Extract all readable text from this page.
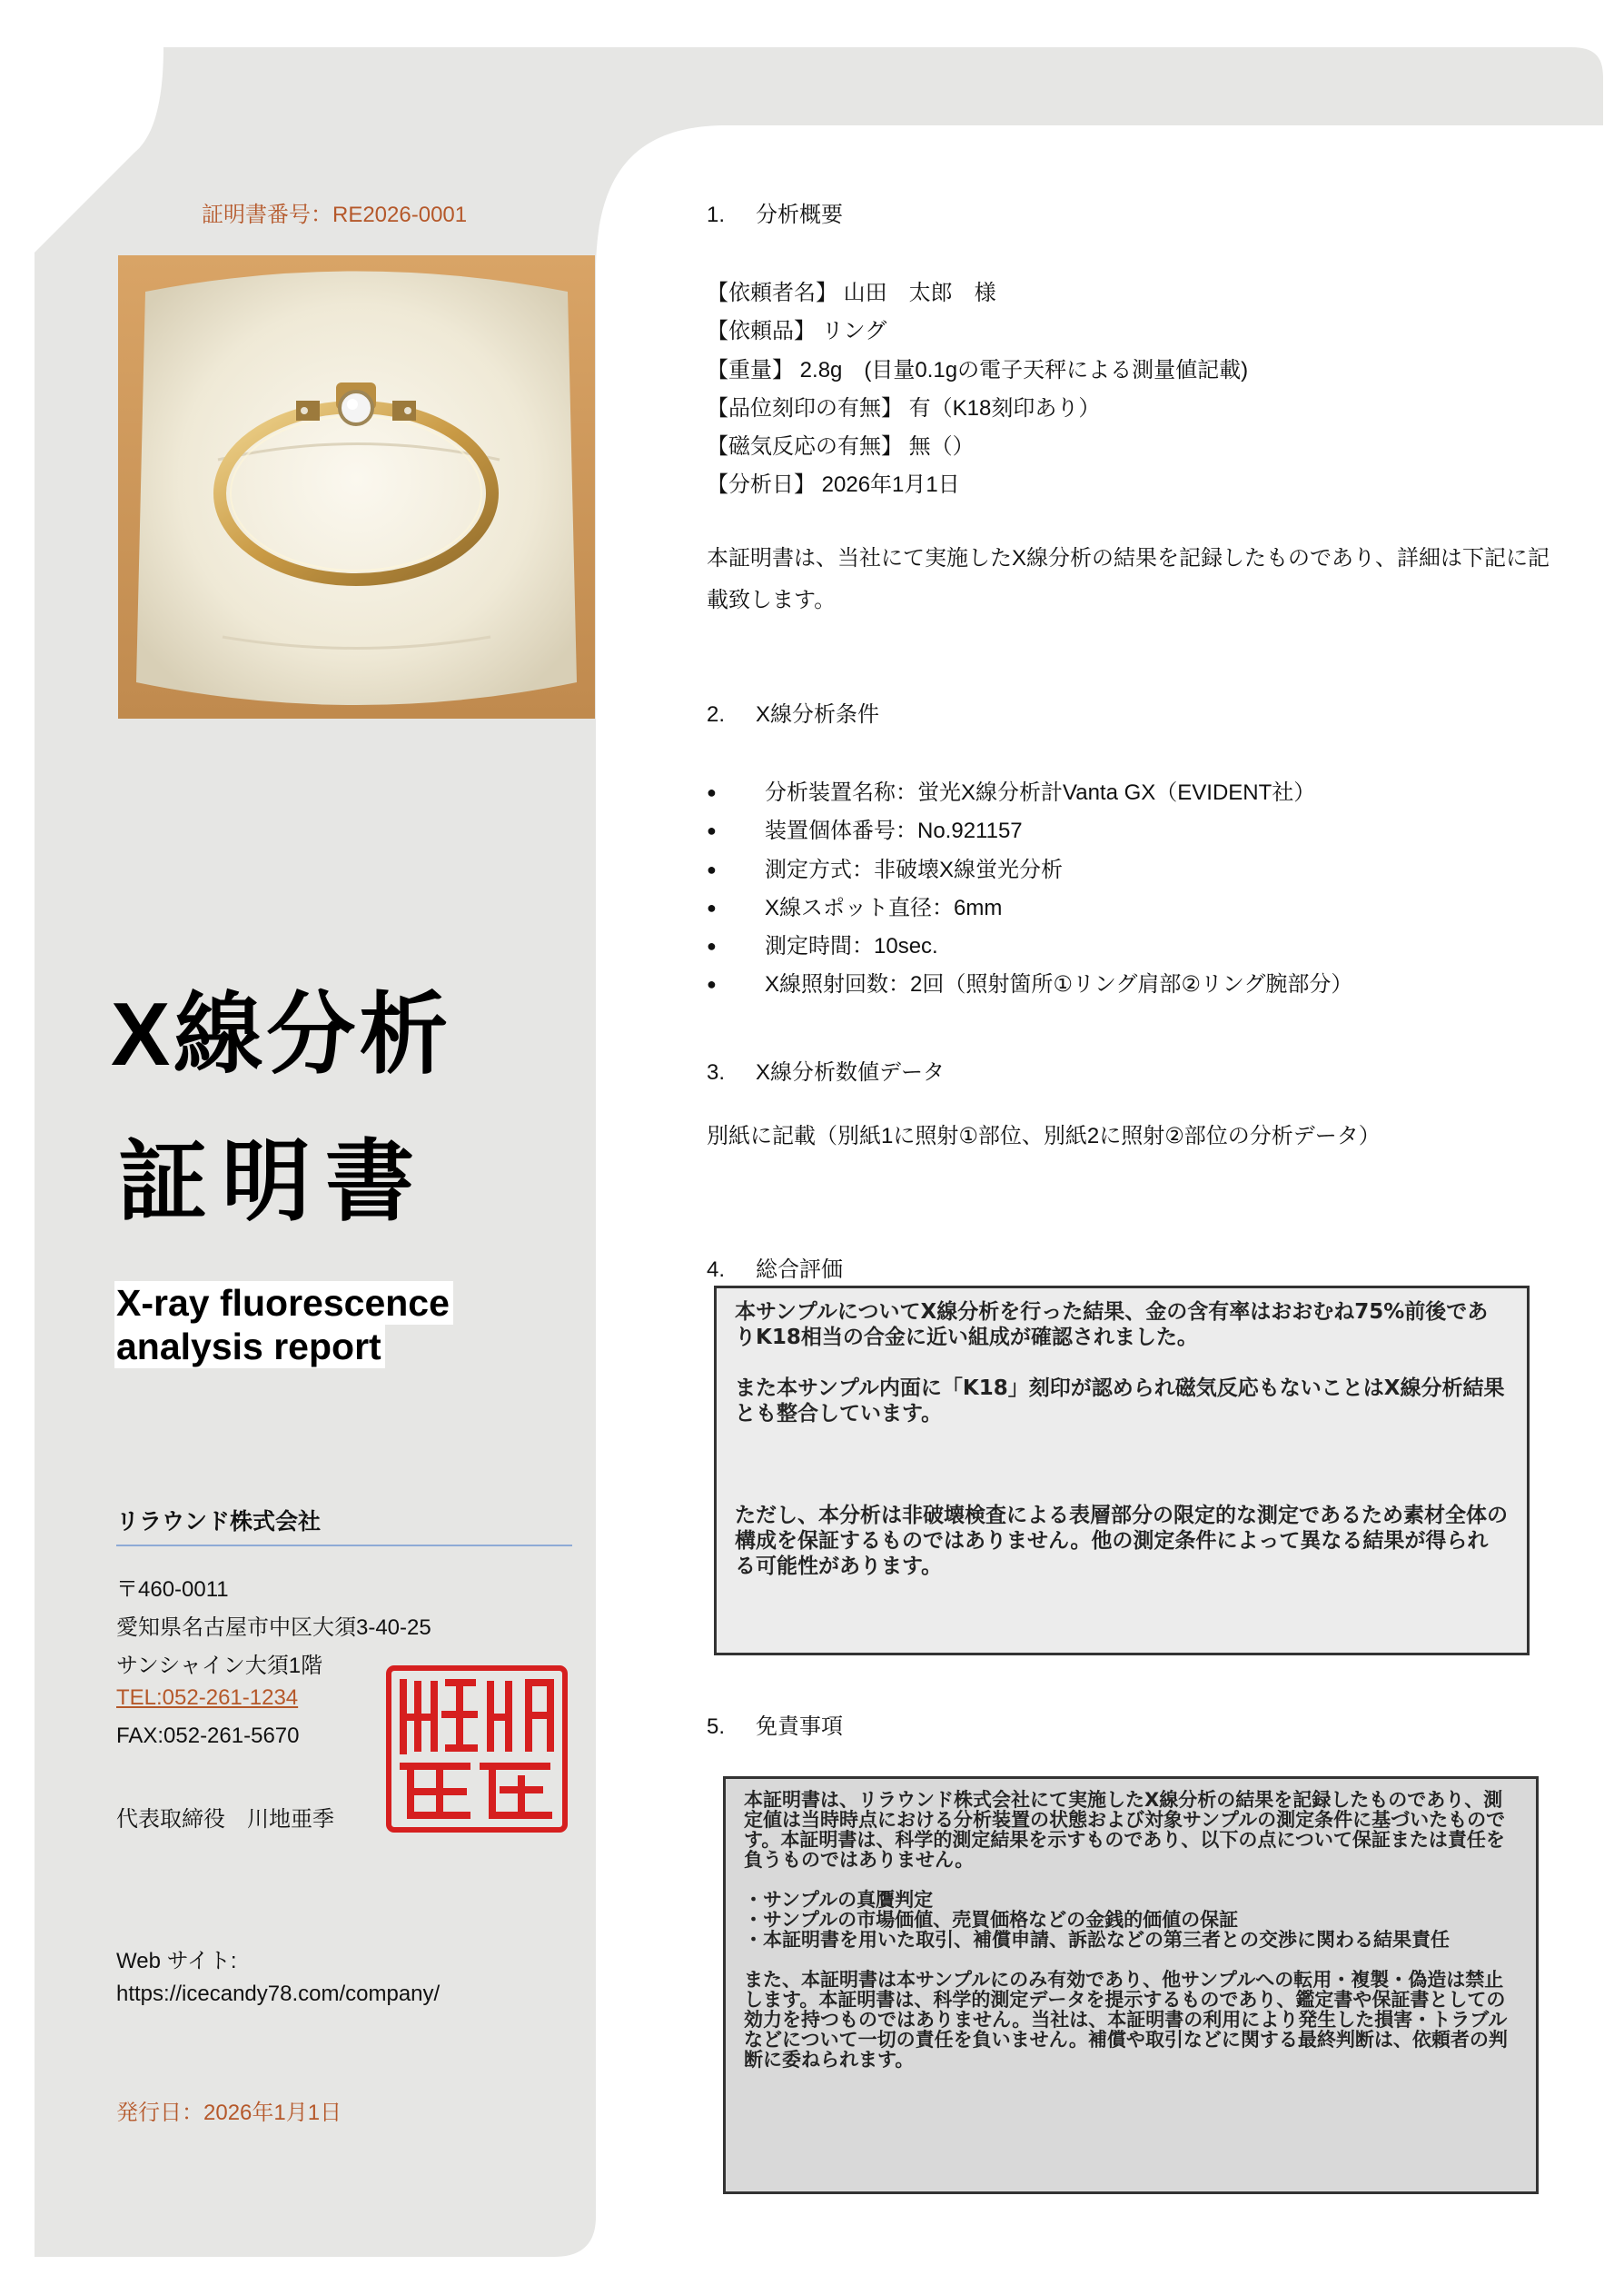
証明書番号：RE2026-0001
X線分析
証明書
X-ray fluorescence
analysis report
リラウンド株式会社
〒460-0011
愛知県名古屋市中区大須3-40-25
サンシャイン大須1階
TEL:052-261-1234
FAX:052-261-5670
代表取締役　川地亜季
Web サイト:
https://icecandy78.com/company/
発行日：2026年1月1日
1. 分析概要
【依頼者名】 山田　太郎　様
【依頼品】 リング
【重量】 2.8g　(目量0.1gの電子天秤による測量値記載)
【品位刻印の有無】 有（K18刻印あり）
【磁気反応の有無】 無（）
【分析日】 2026年1月1日
本証明書は、当社にて実施したX線分析の結果を記録したものであり、詳細は下記に記載致します。
2. X線分析条件
● 分析装置名称：蛍光X線分析計Vanta GX（EVIDENT社）
● 装置個体番号：No.921157
● 測定方式：非破壊X線蛍光分析
● X線スポット直径：6mm
● 測定時間：10sec.
● X線照射回数：2回（照射箇所①リング肩部②リング腕部分）
3. X線分析数値データ
別紙に記載（別紙1に照射①部位、別紙2に照射②部位の分析データ）
4. 総合評価

本サンプルについてX線分析を行った結果、金の含有率はおおむね75%前後でありK18相当の合金に近い組成が確認されました。

また本サンプル内面に「K18」刻印が認められ磁気反応もないことはX線分析結果とも整合しています。

ただし、本分析は非破壊検査による表層部分の限定的な測定であるため素材全体の構成を保証するものではありません。他の測定条件によって異なる結果が得られる可能性があります。

5. 免責事項

本証明書は、リラウンド株式会社にて実施したX線分析の結果を記録したものであり、測定値は当時時点における分析装置の状態および対象サンプルの測定条件に基づいたものです。本証明書は、科学的測定結果を示すものであり、以下の点について保証または責任を負うものではありません。

・サンプルの真贋判定

・サンプルの市場価値、売買価格などの金銭的価値の保証

・本証明書を用いた取引、補償申請、訴訟などの第三者との交渉に関わる結果責任

また、本証明書は本サンプルにのみ有効であり、他サンプルへの転用・複製・偽造は禁止します。本証明書は、科学的測定データを提示するものであり、鑑定書や保証書としての効力を持つものではありません。当社は、本証明書の利用により発生した損害・トラブルなどについて一切の責任を負いません。補償や取引などに関する最終判断は、依頼者の判断に委ねられます。
